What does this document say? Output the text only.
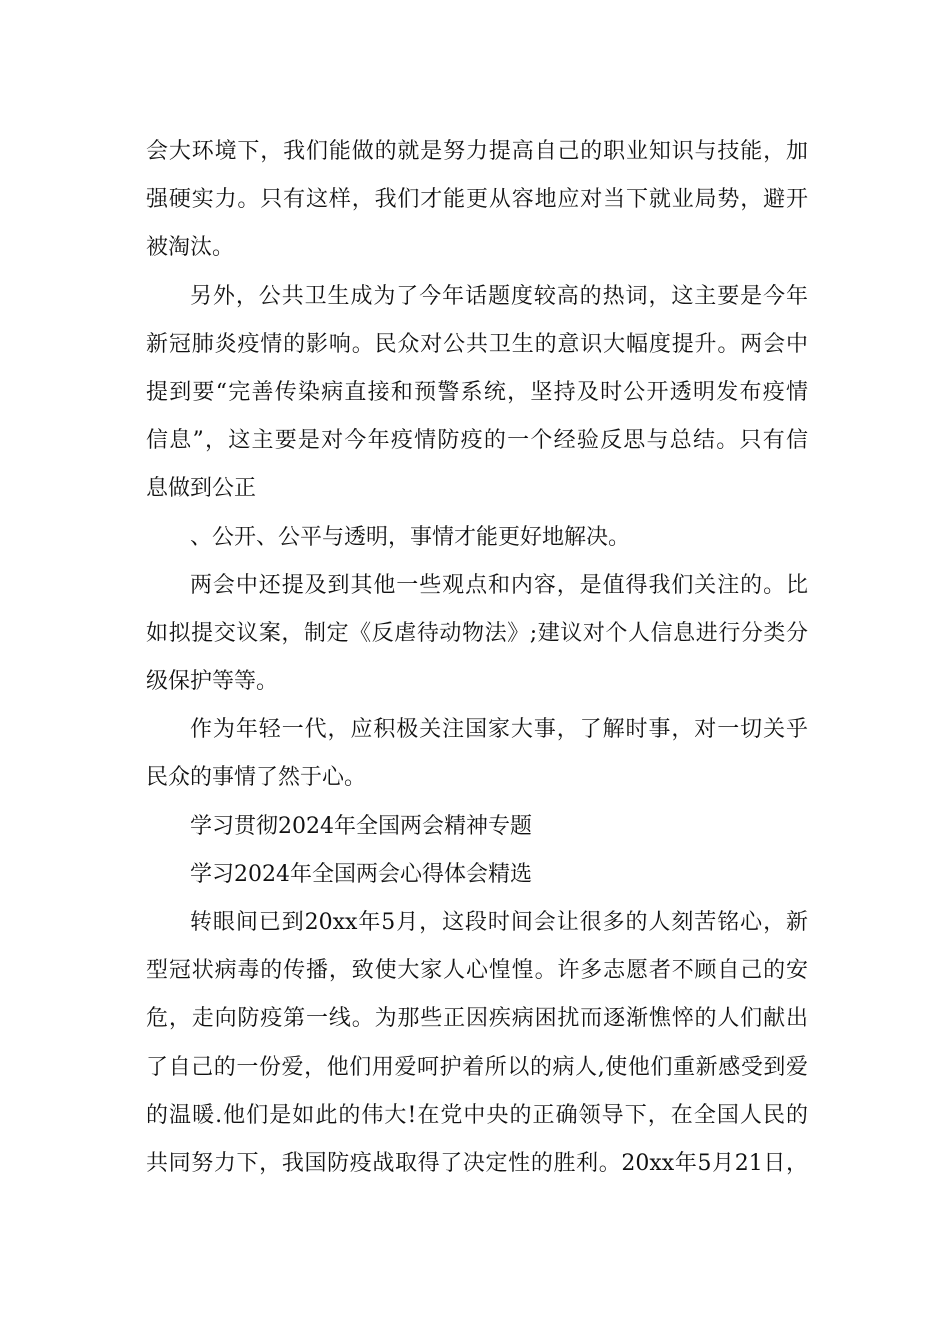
会大环境下，我们能做的就是努力提高自己的职业知识与技能，加
强硬实力。只有这样，我们才能更从容地应对当下就业局势，避开
被淘汰。
另外，公共卫生成为了今年话题度较高的热词，这主要是今年
新冠肺炎疫情的影响。民众对公共卫生的意识大幅度提升。两会中
提到要“完善传染病直接和预警系统，坚持及时公开透明发布疫情
信息”，这主要是对今年疫情防疫的一个经验反思与总结。只有信
息做到公正
、公开、公平与透明，事情才能更好地解决。
两会中还提及到其他一些观点和内容，是值得我们关注的。比
如拟提交议案，制定《反虐待动物法》;建议对个人信息进行分类分
级保护等等。
作为年轻一代，应积极关注国家大事，了解时事，对一切关乎
民众的事情了然于心。
学习贯彻2024年全国两会精神专题
学习2024年全国两会心得体会精选
转眼间已到20xx年5月，这段时间会让很多的人刻苦铭心，新
型冠状病毒的传播，致使大家人心惶惶。许多志愿者不顾自己的安
危，走向防疫第一线。为那些正因疾病困扰而逐渐憔悴的人们献出
了自己的一份爱，他们用爱呵护着所以的病人,使他们重新感受到爱
的温暖.他们是如此的伟大!在党中央的正确领导下，在全国人民的
共同努力下，我国防疫战取得了决定性的胜利。20xx年5月21日，
